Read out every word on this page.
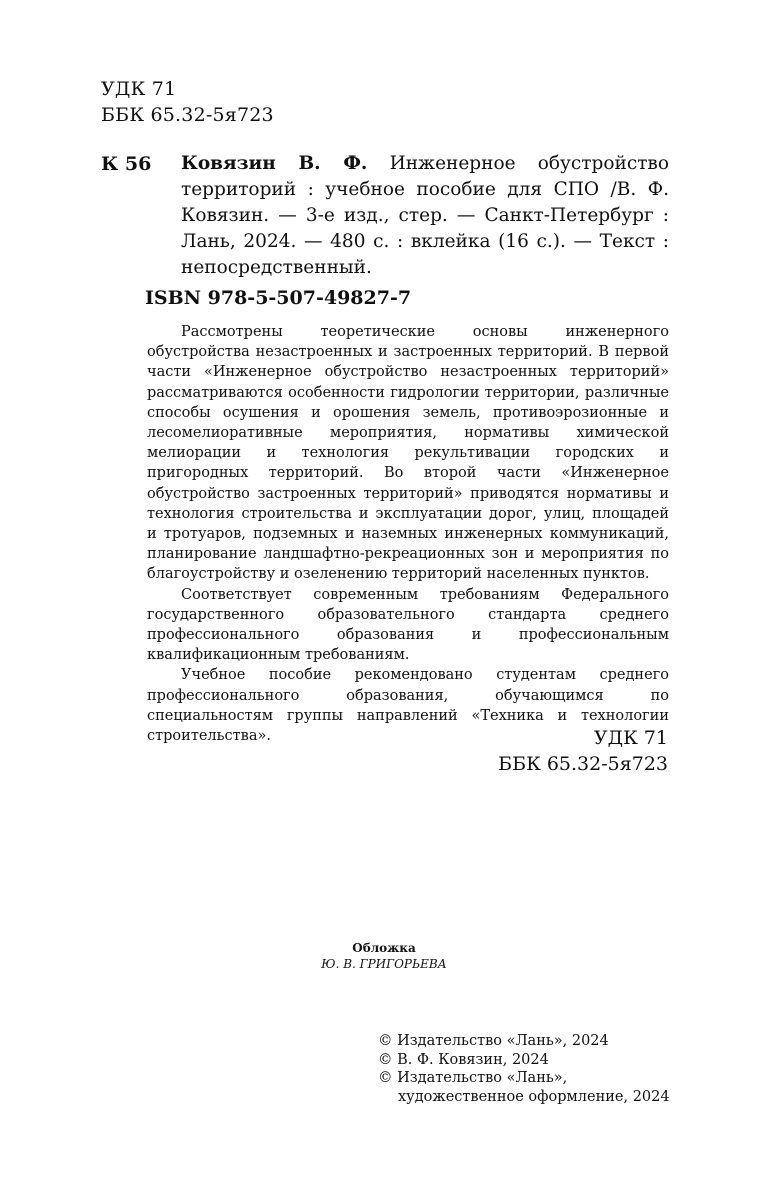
УДК 71
ББК 65.32-5я723
К 56 Ковязин В. Ф. Инженерное обустройство территорий : учебное пособие для СПО /В. Ф. Ковязин. — 3-е изд., стер. — Санкт-Петербург : Лань, 2024. — 480 с. : вклейка (16 с.). — Текст : непосредственный.
ISBN 978-5-507-49827-7

Рассмотрены теоретические основы инженерного обустройства незастроенных и застроенных территорий. В первой части «Инженерное обустройство незастроенных территорий» рассматриваются особенности гидрологии территории, различные способы осушения и орошения земель, противоэрозионные и лесомелиоративные мероприятия, нормативы химической мелиорации и технология рекультивации городских и пригородных территорий. Во второй части «Инженерное обустройство застроенных территорий» приводятся нормативы и технология строительства и эксплуатации дорог, улиц, площадей и тротуаров, подземных и наземных инженерных коммуникаций, планирование ландшафтно-рекреационных зон и мероприятия по благоустройству и озеленению территорий населенных пунктов.

Соответствует современным требованиям Федерального государственного образовательного стандарта среднего профессионального образования и профессиональным квалификационным требованиям.

Учебное пособие рекомендовано студентам среднего профессионального образования, обучающимся по специальностям группы направлений «Техника и технологии строительства».	УДК 71
ББК 65.32-5я723
Обложка
Ю. В. ГРИГОРЬЕВА
© Издательство «Лань», 2024
© В. Ф. Ковязин, 2024
© Издательство «Лань»,
художественное оформление, 2024
